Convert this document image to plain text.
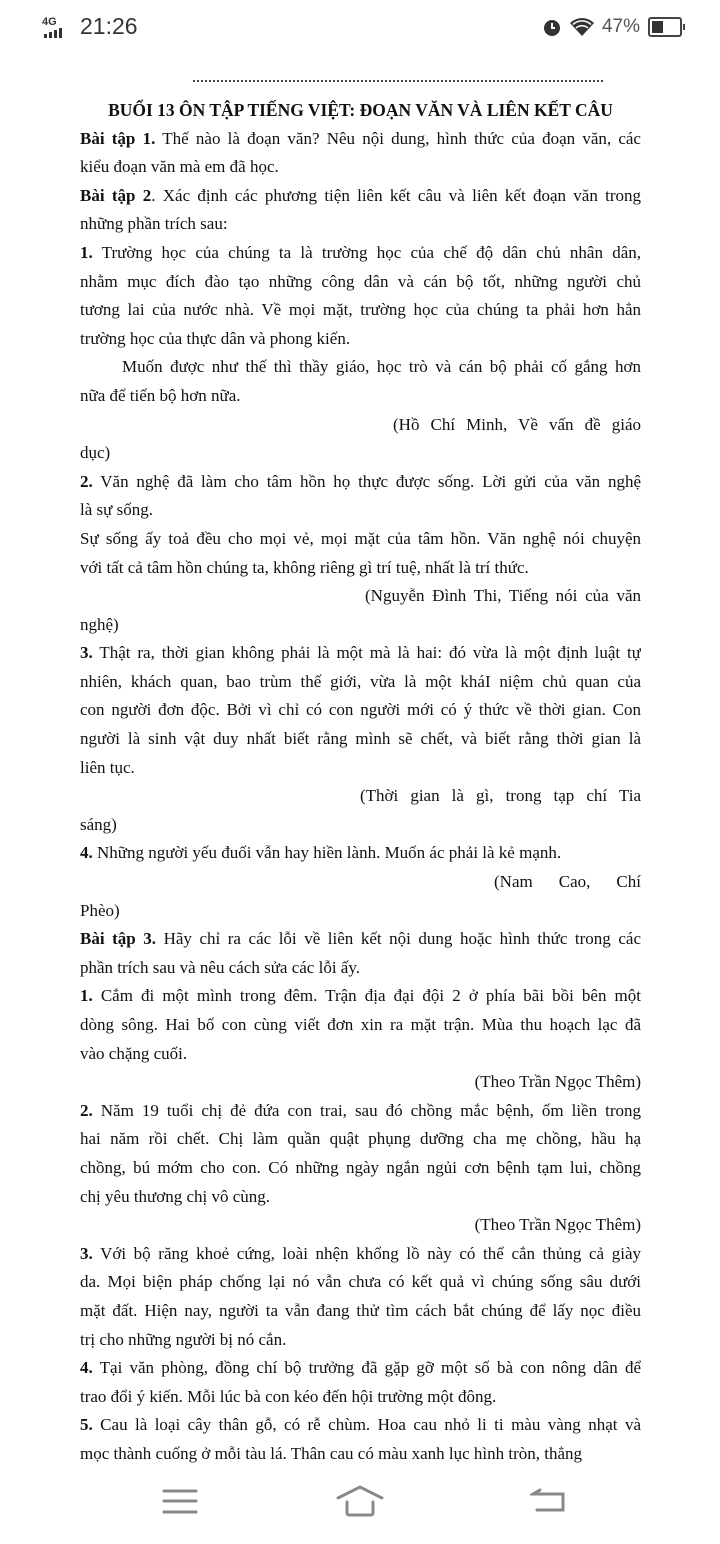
4G 21:26	47%
BUỔI 13 ÔN TẬP TIẾNG VIỆT: ĐOẠN VĂN VÀ LIÊN KẾT CÂU
Bài tập 1. Thế nào là đoạn văn? Nêu nội dung, hình thức của đoạn văn, các
kiểu đoạn văn mà em đã học.
Bài tập 2. Xác định các phương tiện liên kết câu và liên kết đoạn văn trong
những phần trích sau:
1. Trường học của chúng ta là trường học của chế độ dân chủ nhân dân,
nhằm mục đích đào tạo những công dân và cán bộ tốt, những người chủ
tương lai của nước nhà. Về mọi mặt, trường học của chúng ta phải hơn hẳn
trường học của thực dân và phong kiến.
Muốn được như thế thì thầy giáo, học trò và cán bộ phải cố gắng hơn
nữa để tiến bộ hơn nữa.
(Hồ Chí Minh, Về vấn đề giáo
dục)
2. Văn nghệ đã làm cho tâm hồn họ thực được sống. Lời gửi của văn nghệ
là sự sống.
Sự sống ấy toả đều cho mọi vẻ, mọi mặt của tâm hồn. Văn nghệ nói chuyện
với tất cả tâm hồn chúng ta, không riêng gì trí tuệ, nhất là trí thức.
(Nguyễn Đình Thi, Tiếng nói của văn
nghệ)
3. Thật ra, thời gian không phải là một mà là hai: đó vừa là một định luật tự
nhiên, khách quan, bao trùm thế giới, vừa là một kháI niệm chủ quan của
con người đơn độc. Bởi vì chỉ có con người mới có ý thức về thời gian. Con
người là sinh vật duy nhất biết rằng mình sẽ chết, và biết rằng thời gian là
liên tục.
(Thời gian là gì, trong tạp chí Tia
sáng)
4. Những người yếu đuối vẫn hay hiền lành. Muốn ác phải là kẻ mạnh.
(Nam Cao, Chí
Phèo)
Bài tập 3. Hãy chỉ ra các lỗi về liên kết nội dung hoặc hình thức trong các
phần trích sau và nêu cách sửa các lỗi ấy.
1. Cắm đi một mình trong đêm. Trận địa đại đội 2 ở phía bãi bồi bên một
dòng sông. Hai bố con cùng viết đơn xin ra mặt trận. Mùa thu hoạch lạc đã
vào chặng cuối.
(Theo Trần Ngọc Thêm)
2. Năm 19 tuổi chị đẻ đứa con trai, sau đó chồng mắc bệnh, ốm liền trong
hai năm rồi chết. Chị làm quần quật phụng dưỡng cha mẹ chồng, hầu hạ
chồng, bú mớm cho con. Có những ngày ngắn ngủi cơn bệnh tạm lui, chồng
chị yêu thương chị vô cùng.
(Theo Trần Ngọc Thêm)
3. Với bộ răng khoẻ cứng, loài nhện khổng lồ này có thể cắn thủng cả giày
da. Mọi biện pháp chống lại nó vẫn chưa có kết quả vì chúng sống sâu dưới
mặt đất. Hiện nay, người ta vẫn đang thử tìm cách bắt chúng để lấy nọc điều
trị cho những người bị nó cắn.
4. Tại văn phòng, đồng chí bộ trưởng đã gặp gỡ một số bà con nông dân để
trao đổi ý kiến. Mỗi lúc bà con kéo đến hội trường một đông.
5. Cau là loại cây thân gỗ, có rễ chùm. Hoa cau nhỏ li ti màu vàng nhạt và
mọc thành cuống ở mỗi tàu lá. Thân cau có màu xanh lục hình tròn, thẳng
